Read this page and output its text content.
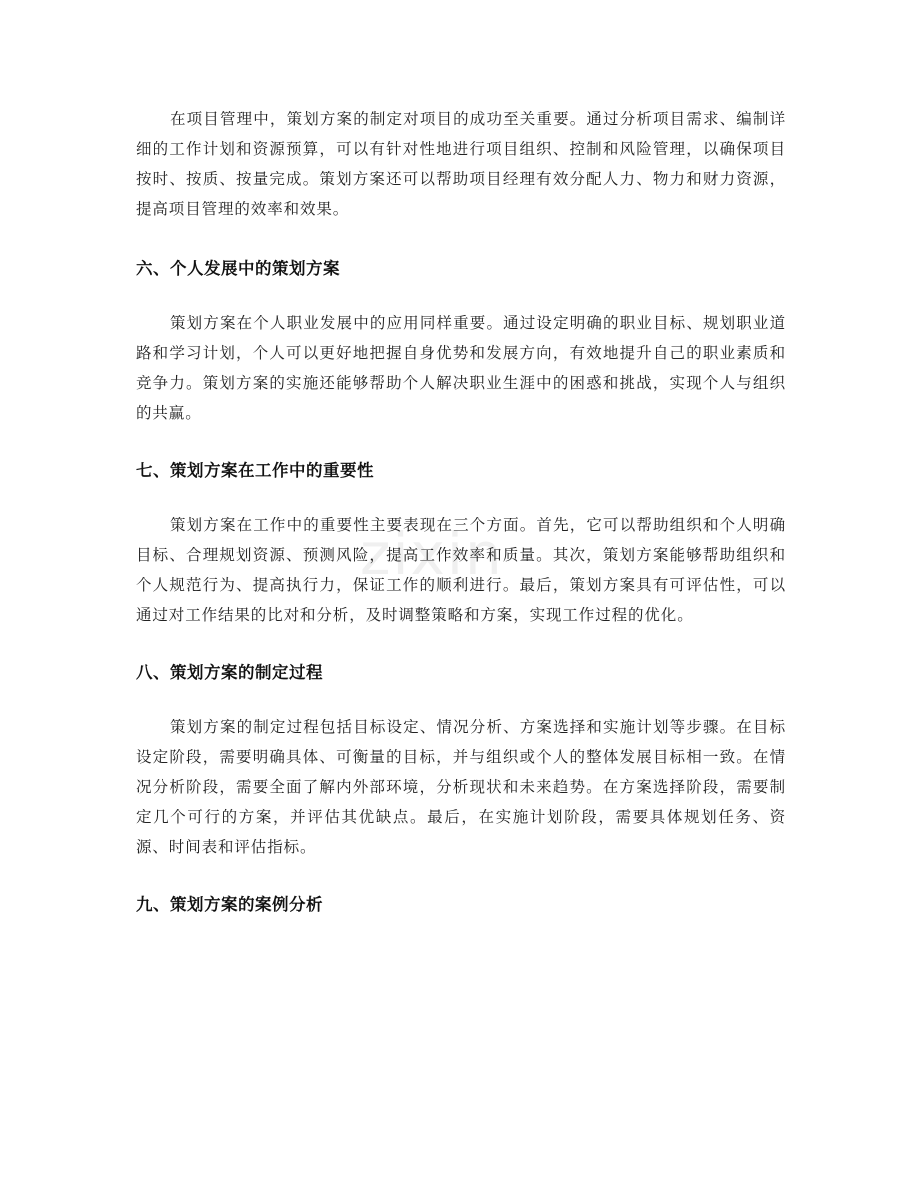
zixin

在项目管理中，策划方案的制定对项目的成功至关重要。通过分析项目需求、编制详细的工作计划和资源预算，可以有针对性地进行项目组织、控制和风险管理，以确保项目按时、按质、按量完成。策划方案还可以帮助项目经理有效分配人力、物力和财力资源，提高项目管理的效率和效果。

六、个人发展中的策划方案

策划方案在个人职业发展中的应用同样重要。通过设定明确的职业目标、规划职业道路和学习计划，个人可以更好地把握自身优势和发展方向，有效地提升自己的职业素质和竞争力。策划方案的实施还能够帮助个人解决职业生涯中的困惑和挑战，实现个人与组织的共赢。

七、策划方案在工作中的重要性

策划方案在工作中的重要性主要表现在三个方面。首先，它可以帮助组织和个人明确目标、合理规划资源、预测风险，提高工作效率和质量。其次，策划方案能够帮助组织和个人规范行为、提高执行力，保证工作的顺利进行。最后，策划方案具有可评估性，可以通过对工作结果的比对和分析，及时调整策略和方案，实现工作过程的优化。

八、策划方案的制定过程

策划方案的制定过程包括目标设定、情况分析、方案选择和实施计划等步骤。在目标设定阶段，需要明确具体、可衡量的目标，并与组织或个人的整体发展目标相一致。在情况分析阶段，需要全面了解内外部环境，分析现状和未来趋势。在方案选择阶段，需要制定几个可行的方案，并评估其优缺点。最后，在实施计划阶段，需要具体规划任务、资源、时间表和评估指标。

九、策划方案的案例分析
